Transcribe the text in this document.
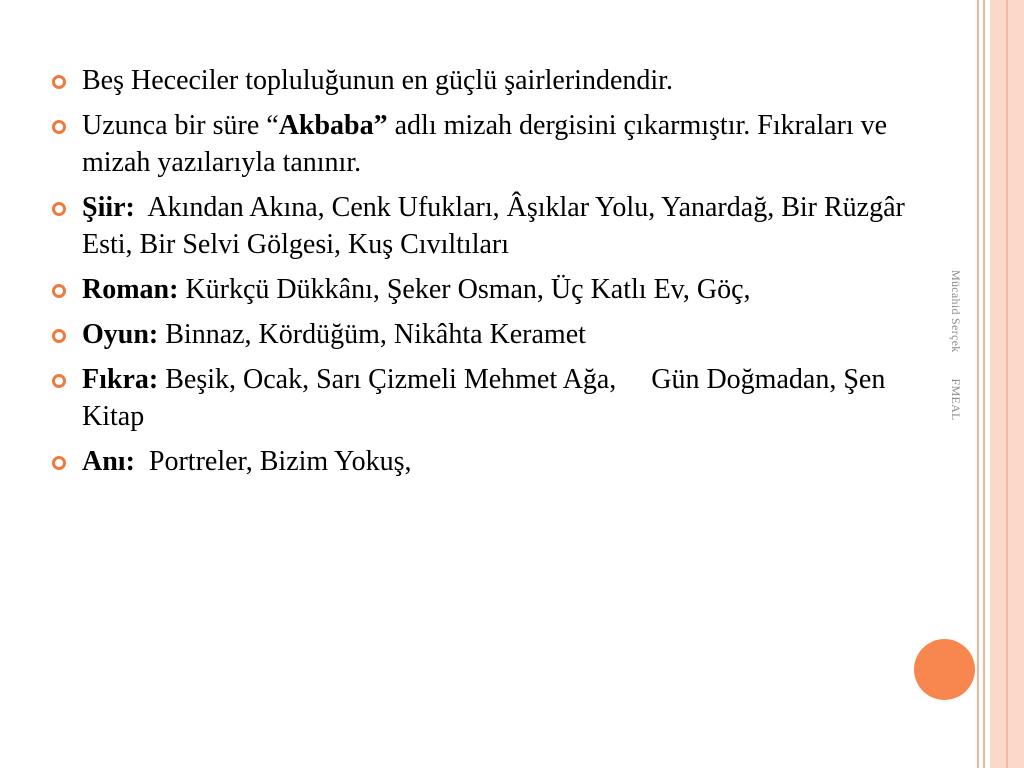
Mücahid SerçekFMEAL
Beş Hececiler topluluğunun en güçlü şairlerindendir.
Uzunca bir süre “Akbaba” adlı mizah dergisini çıkarmıştır. Fıkraları ve mizah yazılarıyla tanınır.
Şiir:  Akından Akına, Cenk Ufukları, Âşıklar Yolu, Yanardağ, Bir Rüzgâr Esti, Bir Selvi Gölgesi, Kuş Cıvıltıları
Roman: Kürkçü Dükkânı, Şeker Osman, Üç Katlı Ev, Göç,
Oyun: Binnaz, Kördüğüm, Nikâhta Keramet
Fıkra: Beşik, Ocak, Sarı Çizmeli Mehmet Ağa,     Gün Doğmadan, Şen Kitap
Anı:  Portreler, Bizim Yokuş,
